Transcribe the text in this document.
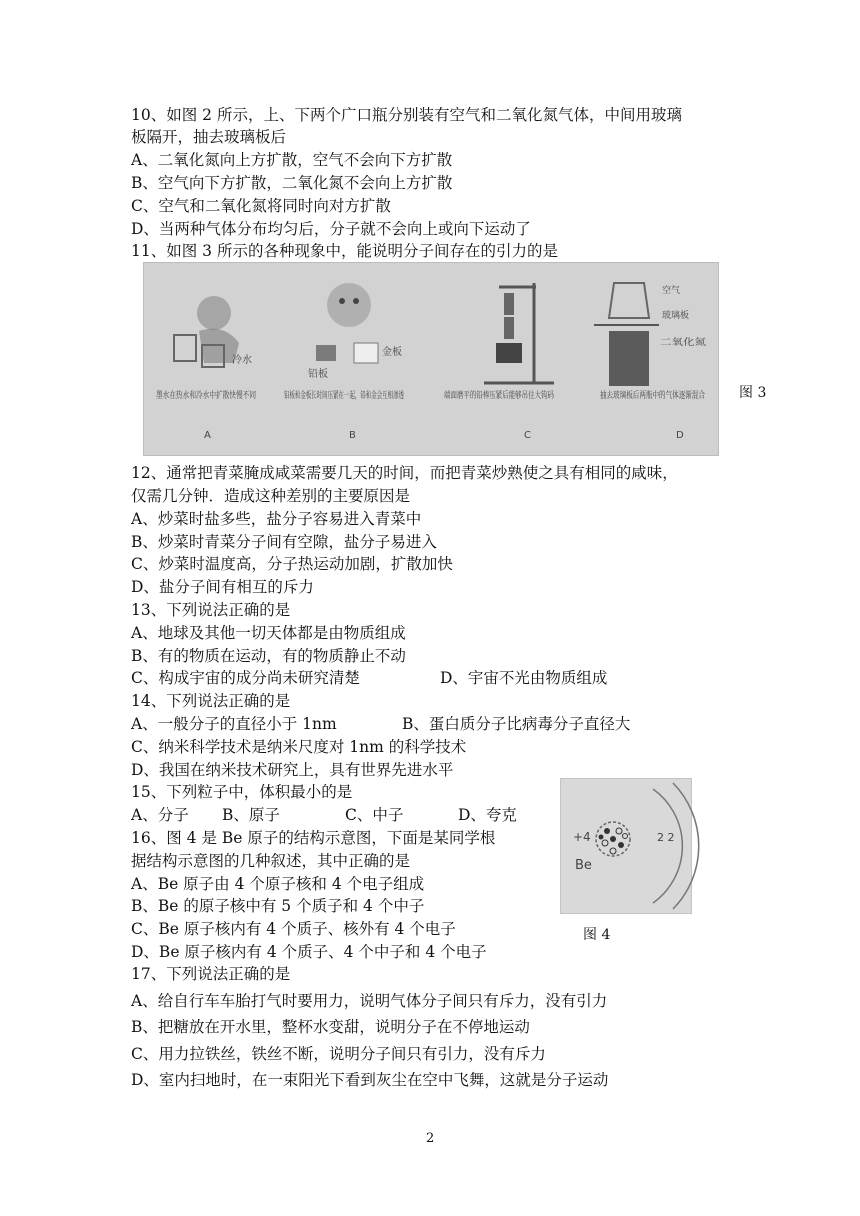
10、如图 2 所示，上、下两个广口瓶分别装有空气和二氧化氮气体，中间用玻璃
板隔开，抽去玻璃板后
A、二氧化氮向上方扩散，空气不会向下方扩散
B、空气向下方扩散，二氧化氮不会向上方扩散
C、空气和二氧化氮将同时向对方扩散
D、当两种气体分布均匀后，分子就不会向上或向下运动了
11、如图 3 所示的各种现象中，能说明分子间存在的引力的是
冷水
墨水在热水和冷水中扩散快慢不同
A
铅板
金板
铅板和金板长时间压紧在一起，铅和金会互相渗透
B
端面磨平的铅棒压紧后能够吊住大钩码
C
空气
玻璃板
二氧化氮
抽去玻璃板后两瓶中的气体逐渐混合
D
图 3
12、通常把青菜腌成咸菜需要几天的时间，而把青菜炒熟使之具有相同的咸味，
仅需几分钟．造成这种差别的主要原因是
A、炒菜时盐多些，盐分子容易进入青菜中
B、炒菜时青菜分子间有空隙，盐分子易进入
C、炒菜时温度高，分子热运动加剧，扩散加快
D、盐分子间有相互的斥力
13、下列说法正确的是
A、地球及其他一切天体都是由物质组成
B、有的物质在运动，有的物质静止不动
C、构成宇宙的成分尚未研究清楚	D、宇宙不光由物质组成
14、下列说法正确的是
A、一般分子的直径小于 1nm	B、蛋白质分子比病毒分子直径大
C、纳米科学技术是纳米尺度对 1nm 的科学技术
D、我国在纳米技术研究上，具有世界先进水平
15、下列粒子中，体积最小的是
A、分子 B、原子	C、中子	D、夸克
16、图 4 是 Be 原子的结构示意图，下面是某同学根
据结构示意图的几种叙述，其中正确的是
A、Be 原子由 4 个原子核和 4 个电子组成
B、Be 的原子核中有 5 个质子和 4 个中子
C、Be 原子核内有 4 个质子、核外有 4 个电子
D、Be 原子核内有 4 个质子、4 个中子和 4 个电子
+4
Be
2 2
图 4
17、下列说法正确的是
A、给自行车车胎打气时要用力，说明气体分子间只有斥力，没有引力
B、把糖放在开水里，整杯水变甜，说明分子在不停地运动
C、用力拉铁丝，铁丝不断，说明分子间只有引力，没有斥力
D、室内扫地时，在一束阳光下看到灰尘在空中飞舞，这就是分子运动
2
